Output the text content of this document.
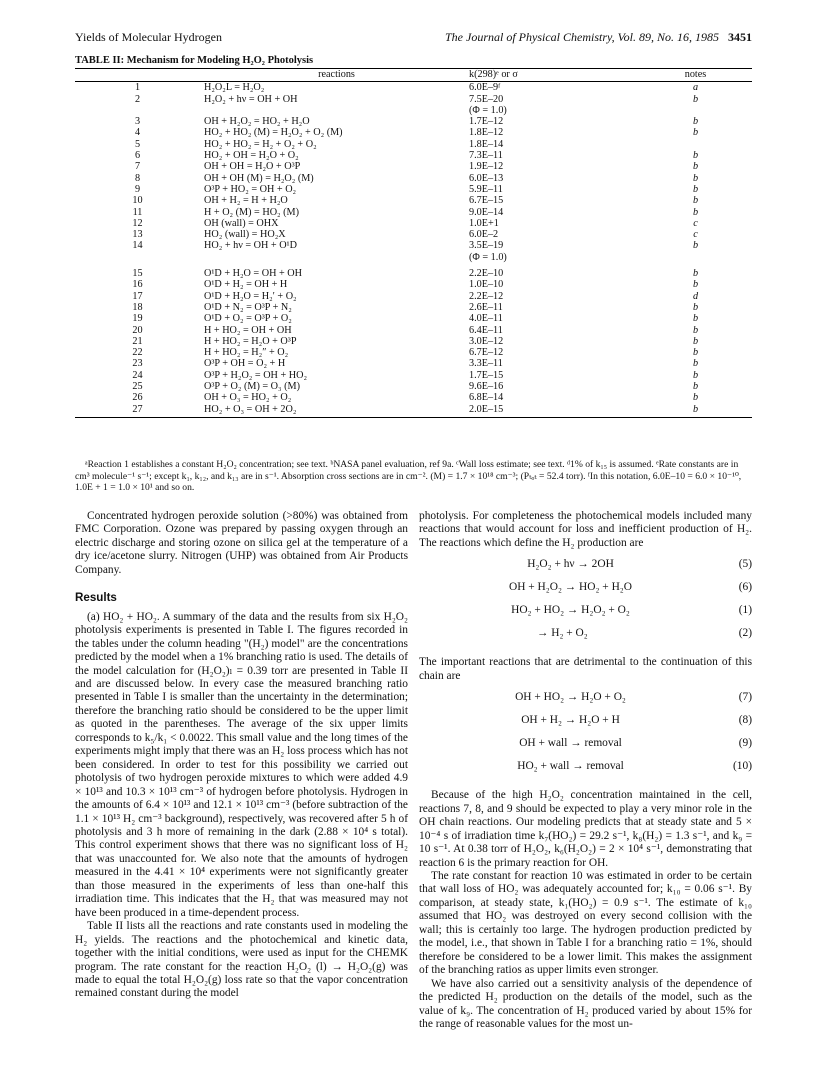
Yields of Molecular Hydrogen	The Journal of Physical Chemistry, Vol. 89, No. 16, 1985 3451
TABLE II: Mechanism for Modeling H₂O₂ Photolysis
	reactions	k(298)ᵉ or σ	notes
1	H₂O₂L = H₂O₂	6.0E–9ᶠ	a
2	H₂O₂ + hν = OH + OH	7.5E–20	b
		(Φ = 1.0)	
3	OH + H₂O₂ = HO₂ + H₂O	1.7E–12	b
4	HO₂ + HO₂ (M) = H₂O₂ + O₂ (M)	1.8E–12	b
5	HO₂ + HO₂ = H₂ + O₂ + O₂	1.8E–14	
6	HO₂ + OH = H₂O + O₂	7.3E–11	b
7	OH + OH = H₂O + O³P	1.9E–12	b
8	OH + OH (M) = H₂O₂ (M)	6.0E–13	b
9	O³P + HO₂ = OH + O₂	5.9E–11	b
10	OH + H₂ = H + H₂O	6.7E–15	b
11	H + O₂ (M) = HO₂ (M)	9.0E–14	b
12	OH (wall) = OHX	1.0E+1	c
13	HO₂ (wall) = HO₂X	6.0E–2	c
14	HO₂ + hν = OH + O¹D	3.5E–19	b
		(Φ = 1.0)	
15	O¹D + H₂O = OH + OH	2.2E–10	b
16	O¹D + H₂ = OH + H	1.0E–10	b
17	O¹D + H₂O = H₂′ + O₂	2.2E–12	d
18	O¹D + N₂ = O³P + N₂	2.6E–11	b
19	O¹D + O₂ = O³P + O₂	4.0E–11	b
20	H + HO₂ = OH + OH	6.4E–11	b
21	H + HO₂ = H₂O + O³P	3.0E–12	b
22	H + HO₂ = H₂″ + O₂	6.7E–12	b
23	O³P + OH = O₂ + H	3.3E–11	b
24	O³P + H₂O₂ = OH + HO₂	1.7E–15	b
25	O³P + O₂ (M) = O₃ (M)	9.6E–16	b
26	OH + O₃ = HO₂ + O₂	6.8E–14	b
27	HO₂ + O₃ = OH + 2O₂	2.0E–15	b
ᵃReaction 1 establishes a constant H₂O₂ concentration; see text. ᵇNASA panel evaluation, ref 9a. ᶜWall loss estimate; see text. ᵈ1% of k₁₅ is assumed. ᵉRate constants are in cm³ molecule⁻¹ s⁻¹; except k₁, k₁₂, and k₁₃ are in s⁻¹. Absorption cross sections are in cm⁻². (M) = 1.7 × 10¹⁸ cm⁻³; (Pₜₒₜ = 52.4 torr). ᶠIn this notation, 6.0E–10 = 6.0 × 10⁻¹⁰, 1.0E + 1 = 1.0 × 10¹ and so on.

Concentrated hydrogen peroxide solution (>80%) was obtained from FMC Corporation. Ozone was prepared by passing oxygen through an electric discharge and storing ozone on silica gel at the temperature of a dry ice/acetone slurry. Nitrogen (UHP) was obtained from Air Products Company.

Results

(a) HO₂ + HO₂. A summary of the data and the results from six H₂O₂ photolysis experiments is presented in Table I. The figures recorded in the tables under the column heading "(H₂) model" are the concentrations predicted by the model when a 1% branching ratio is used. The details of the model calculation for (H₂O₂)ₗ = 0.39 torr are presented in Table II and are discussed below. In every case the measured branching ratio presented in Table I is smaller than the uncertainty in the determination; therefore the branching ratio should be considered to be the upper limit as quoted in the parentheses. The average of the six upper limits corresponds to k₅/k₁ < 0.0022. This small value and the long times of the experiments might imply that there was an H₂ loss process which has not been considered. In order to test for this possibility we carried out photolysis of two hydrogen peroxide mixtures to which were added 4.9 × 10¹³ and 10.3 × 10¹³ cm⁻³ of hydrogen before photolysis. Hydrogen in the amounts of 6.4 × 10¹³ and 12.1 × 10¹³ cm⁻³ (before subtraction of the 1.1 × 10¹³ H₂ cm⁻³ background), respectively, was recovered after 5 h of photolysis and 3 h more of remaining in the dark (2.88 × 10⁴ s total). This control experiment shows that there was no significant loss of H₂ that was unaccounted for. We also note that the amounts of hydrogen measured in the 4.41 × 10⁴ experiments were not significantly greater than those measured in the experiments of less than one-half this irradiation time. This indicates that the H₂ that was measured may not have been produced in a time-dependent process.

Table II lists all the reactions and rate constants used in modeling the H₂ yields. The reactions and the photochemical and kinetic data, together with the initial conditions, were used as input for the CHEMK program. The rate constant for the reaction H₂O₂ (l) → H₂O₂(g) was made to equal the total H₂O₂(g) loss rate so that the vapor concentration remained constant during the model

photolysis. For completeness the photochemical models included many reactions that would account for loss and inefficient production of H₂. The reactions which define the H₂ production are

H₂O₂ + hν → 2OH	(5)
OH + H₂O₂ → HO₂ + H₂O	(6)
HO₂ + HO₂ → H₂O₂ + O₂	(1)
→ H₂ + O₂	(2)

The important reactions that are detrimental to the continuation of this chain are

OH + HO₂ → H₂O + O₂	(7)
OH + H₂ → H₂O + H	(8)
OH + wall → removal	(9)
HO₂ + wall → removal	(10)

Because of the high H₂O₂ concentration maintained in the cell, reactions 7, 8, and 9 should be expected to play a very minor role in the OH chain reactions. Our modeling predicts that at steady state and 5 × 10⁻⁴ s of irradiation time k₇(HO₂) = 29.2 s⁻¹, k₈(H₂) = 1.3 s⁻¹, and k₉ = 10 s⁻¹. At 0.38 torr of H₂O₂, k₆(H₂O₂) = 2 × 10⁴ s⁻¹, demonstrating that reaction 6 is the primary reaction for OH.

The rate constant for reaction 10 was estimated in order to be certain that wall loss of HO₂ was adequately accounted for; k₁₀ = 0.06 s⁻¹. By comparison, at steady state, k₁(HO₂) = 0.9 s⁻¹. The estimate of k₁₀ assumed that HO₂ was destroyed on every second collision with the wall; this is certainly too large. The hydrogen production predicted by the model, i.e., that shown in Table I for a branching ratio = 1%, should therefore be considered to be a lower limit. This makes the assignment of the branching ratios as upper limits even stronger.

We have also carried out a sensitivity analysis of the dependence of the predicted H₂ production on the details of the model, such as the value of k₉. The concentration of H₂ produced varied by about 15% for the range of reasonable values for the most un-
